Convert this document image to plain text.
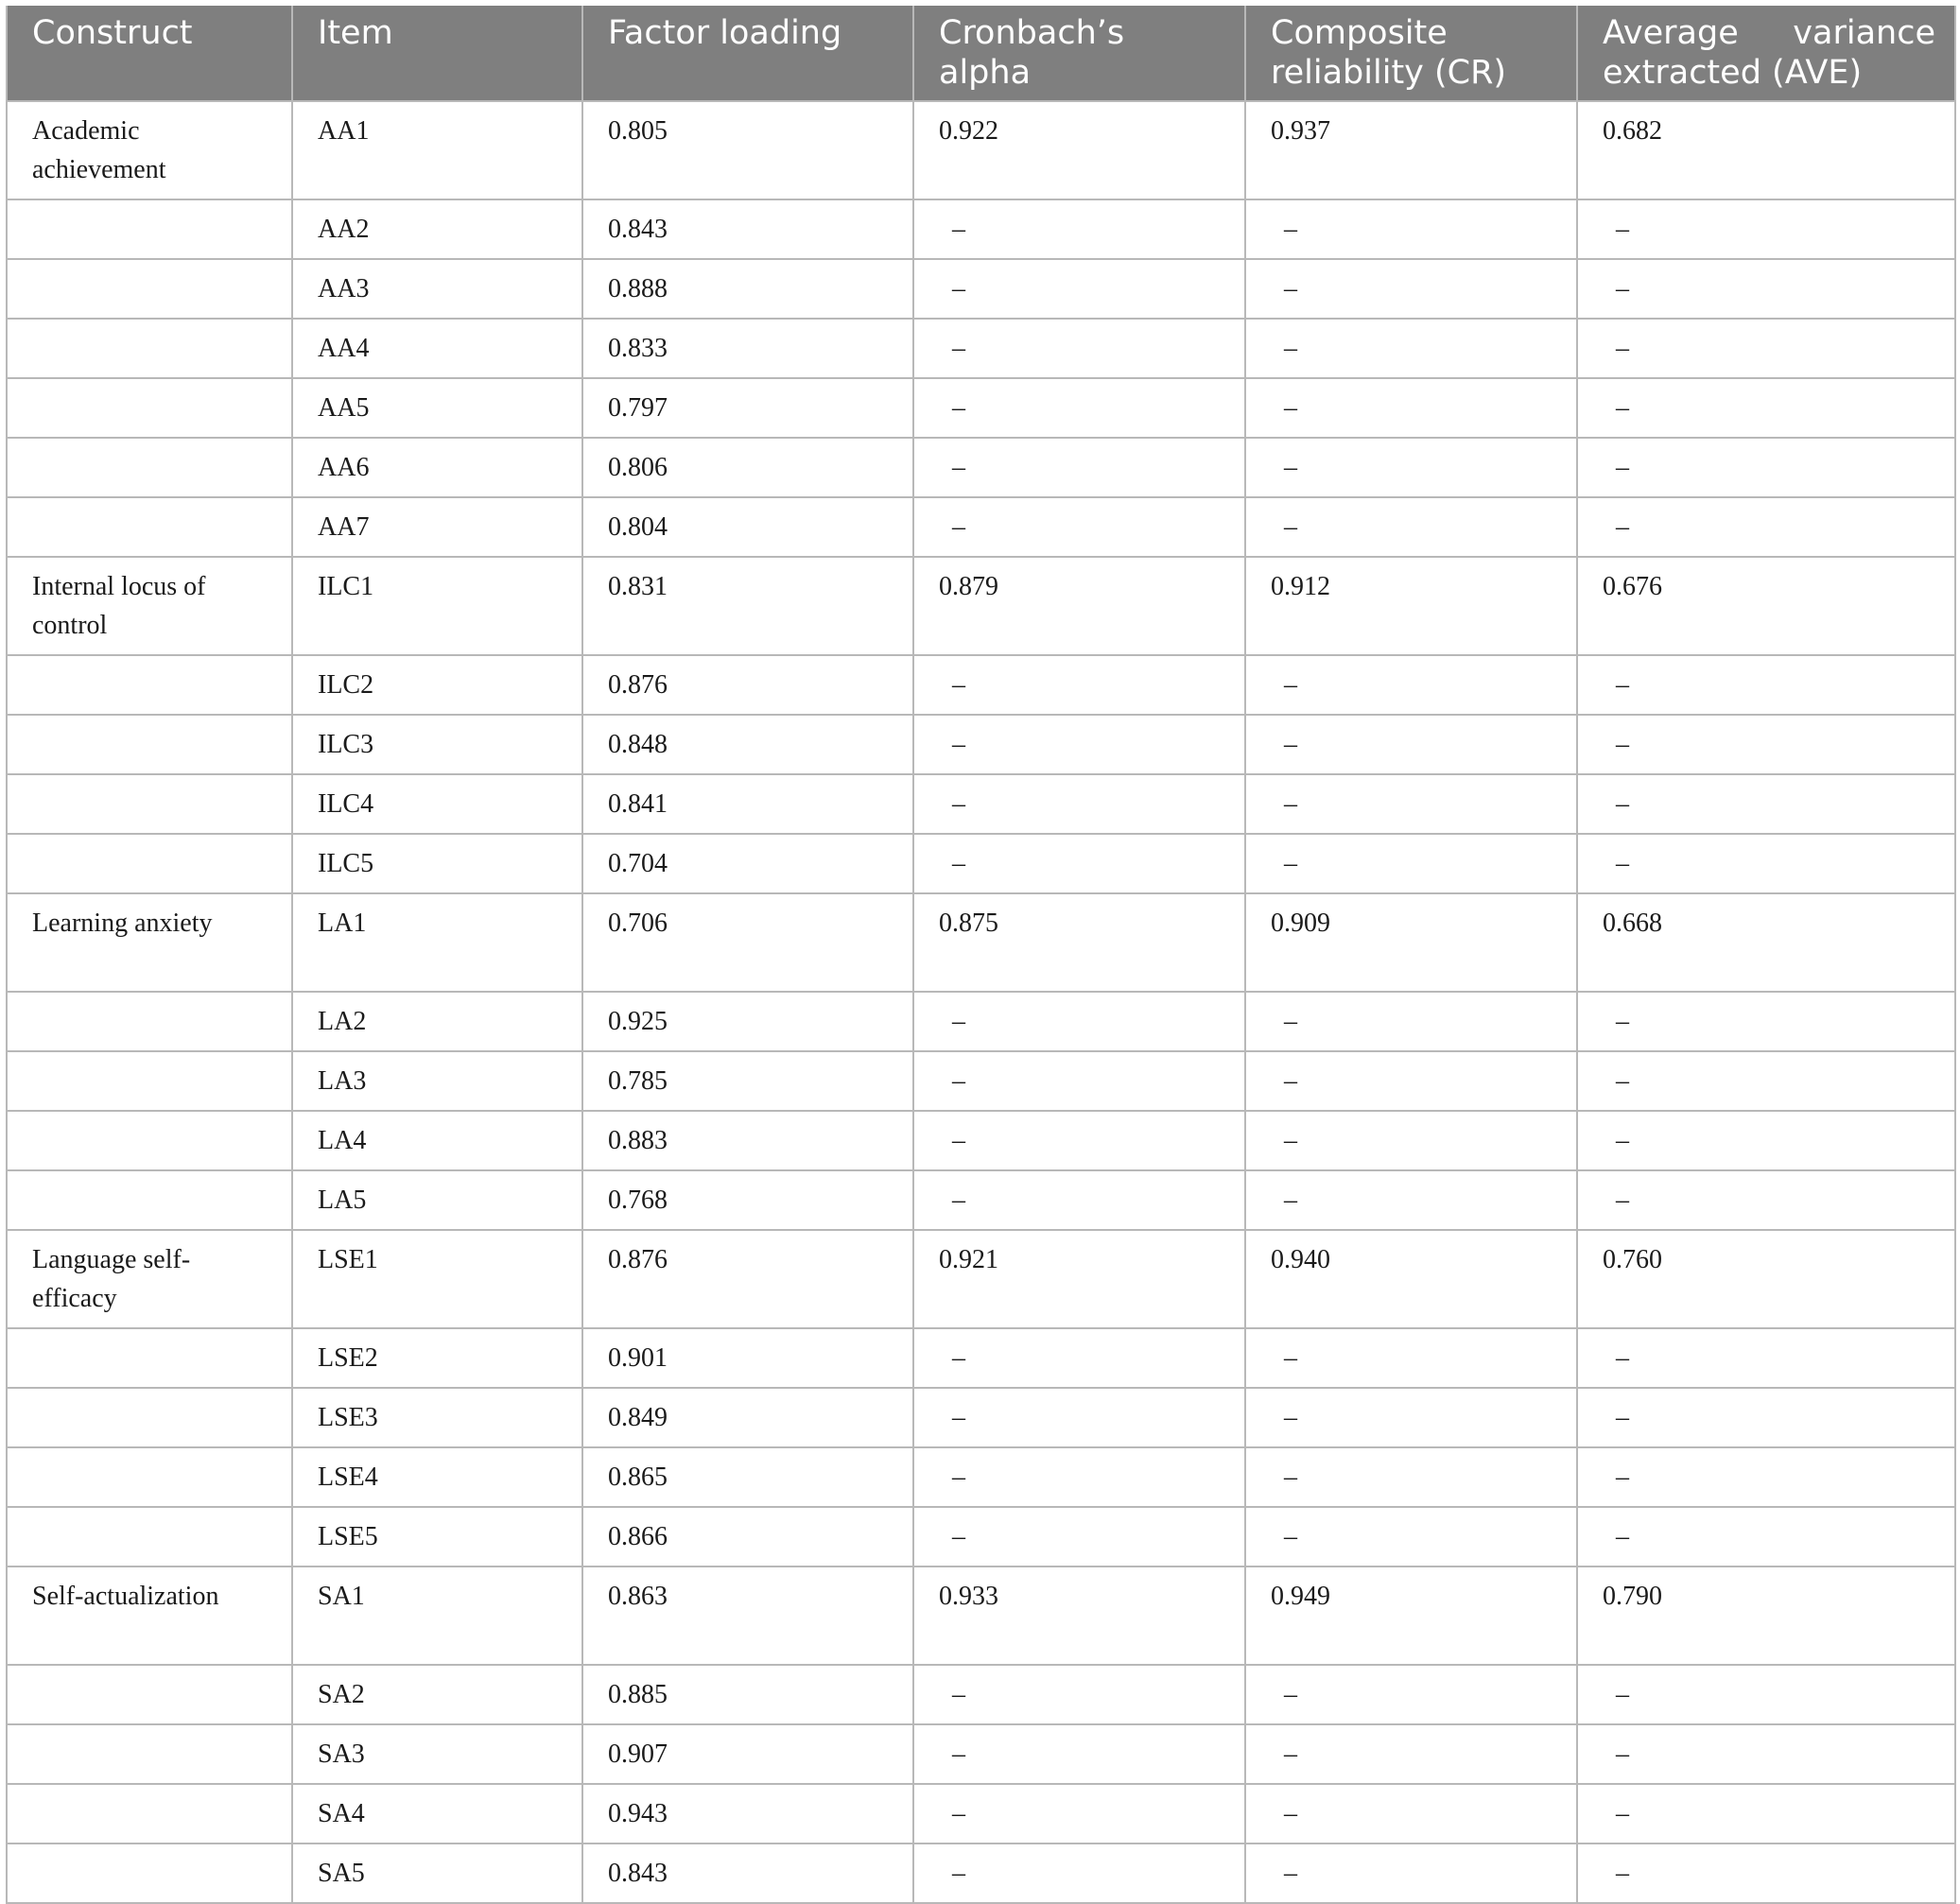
Construct	Item	Factor loading	Cronbach’s alpha	Composite reliability (CR)	Average variance extracted (AVE)
Academic achievement	AA1	0.805	0.922	0.937	0.682
	AA2	0.843	–	–	–
	AA3	0.888	–	–	–
	AA4	0.833	–	–	–
	AA5	0.797	–	–	–
	AA6	0.806	–	–	–
	AA7	0.804	–	–	–
Internal locus of control	ILC1	0.831	0.879	0.912	0.676
	ILC2	0.876	–	–	–
	ILC3	0.848	–	–	–
	ILC4	0.841	–	–	–
	ILC5	0.704	–	–	–
Learning anxiety	LA1	0.706	0.875	0.909	0.668
	LA2	0.925	–	–	–
	LA3	0.785	–	–	–
	LA4	0.883	–	–	–
	LA5	0.768	–	–	–
Language self-efficacy	LSE1	0.876	0.921	0.940	0.760
	LSE2	0.901	–	–	–
	LSE3	0.849	–	–	–
	LSE4	0.865	–	–	–
	LSE5	0.866	–	–	–
Self-actualization	SA1	0.863	0.933	0.949	0.790
	SA2	0.885	–	–	–
	SA3	0.907	–	–	–
	SA4	0.943	–	–	–
	SA5	0.843	–	–	–
